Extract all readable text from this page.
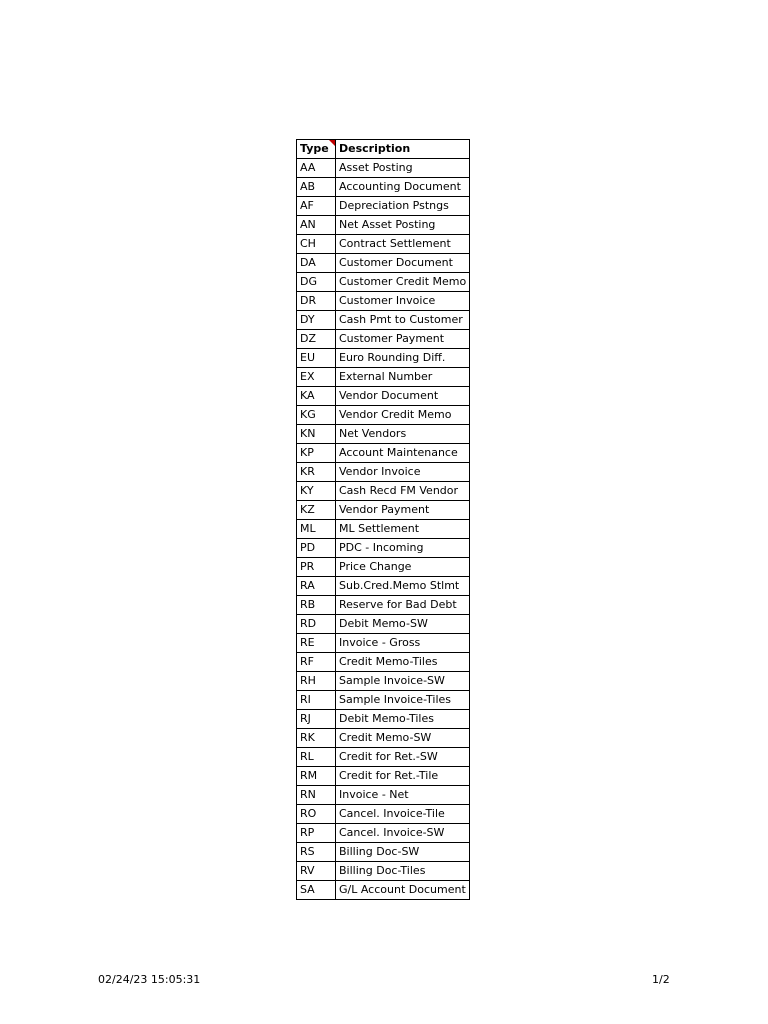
Type	Description
AA	Asset Posting
AB	Accounting Document
AF	Depreciation Pstngs
AN	Net Asset Posting
CH	Contract Settlement
DA	Customer Document
DG	Customer Credit Memo
DR	Customer Invoice
DY	Cash Pmt to Customer
DZ	Customer Payment
EU	Euro Rounding Diff.
EX	External Number
KA	Vendor Document
KG	Vendor Credit Memo
KN	Net Vendors
KP	Account Maintenance
KR	Vendor Invoice
KY	Cash Recd FM Vendor
KZ	Vendor Payment
ML	ML Settlement
PD	PDC - Incoming
PR	Price Change
RA	Sub.Cred.Memo Stlmt
RB	Reserve for Bad Debt
RD	Debit Memo-SW
RE	Invoice - Gross
RF	Credit Memo-Tiles
RH	Sample Invoice-SW
RI	Sample Invoice-Tiles
RJ	Debit Memo-Tiles
RK	Credit Memo-SW
RL	Credit for Ret.-SW
RM	Credit for Ret.-Tile
RN	Invoice - Net
RO	Cancel. Invoice-Tile
RP	Cancel. Invoice-SW
RS	Billing Doc-SW
RV	Billing Doc-Tiles
SA	G/L Account Document
02/24/23 15:05:31	1/2
